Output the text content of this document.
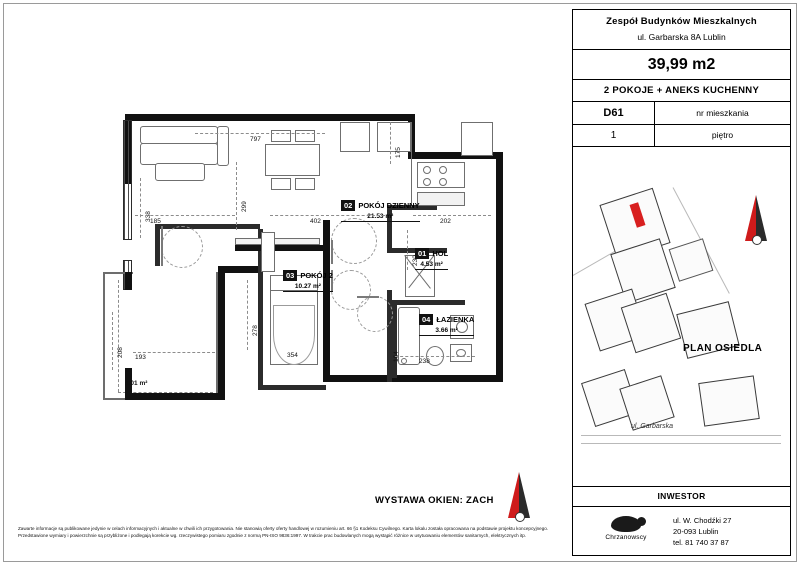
02 POKÓJ DZIENNY
21.53 m²
03 POKÓJ 2
10.27 m²
01 HOL
4.53 m²
04 ŁAZIENKA
3.66 m²
4.01 m²
797
175
299
338
185	402	202
230
278
208 193	354	164	238
WYSTAWA OKIEN: ZACH
Zawarte informacje są publikowane jedynie w celach informacyjnych i aktualne w chwili ich przygotowania. Nie stanowią oferty oferty handlowej w rozumieniu art. 66 §1 Kodeksu Cywilnego. Karta lokalu została opracowana na podstawie projektu koncepcyjnego. Przedstawione wymiary i powierzchnie są przybliżone i podlegają korekcie wg. rzeczywistego pomiaru zgodnie z normą PN-ISO 9836:1997. W trakcie prac budowlanych mogą wystąpić różnice w usytuowaniu elementów sanitarnych, elektrycznych itp.
Zespół Budynków Mieszkalnych
ul. Garbarska 8A Lublin
39,99 m2
2 POKOJE + ANEKS KUCHENNY
D61	nr mieszkania
1	piętro
PLAN OSIEDLA
ul. Garbarska
INWESTOR
Chrzanowscy
ul. W. Chodźki 27
20-093 Lublin
tel. 81 740 37 87
